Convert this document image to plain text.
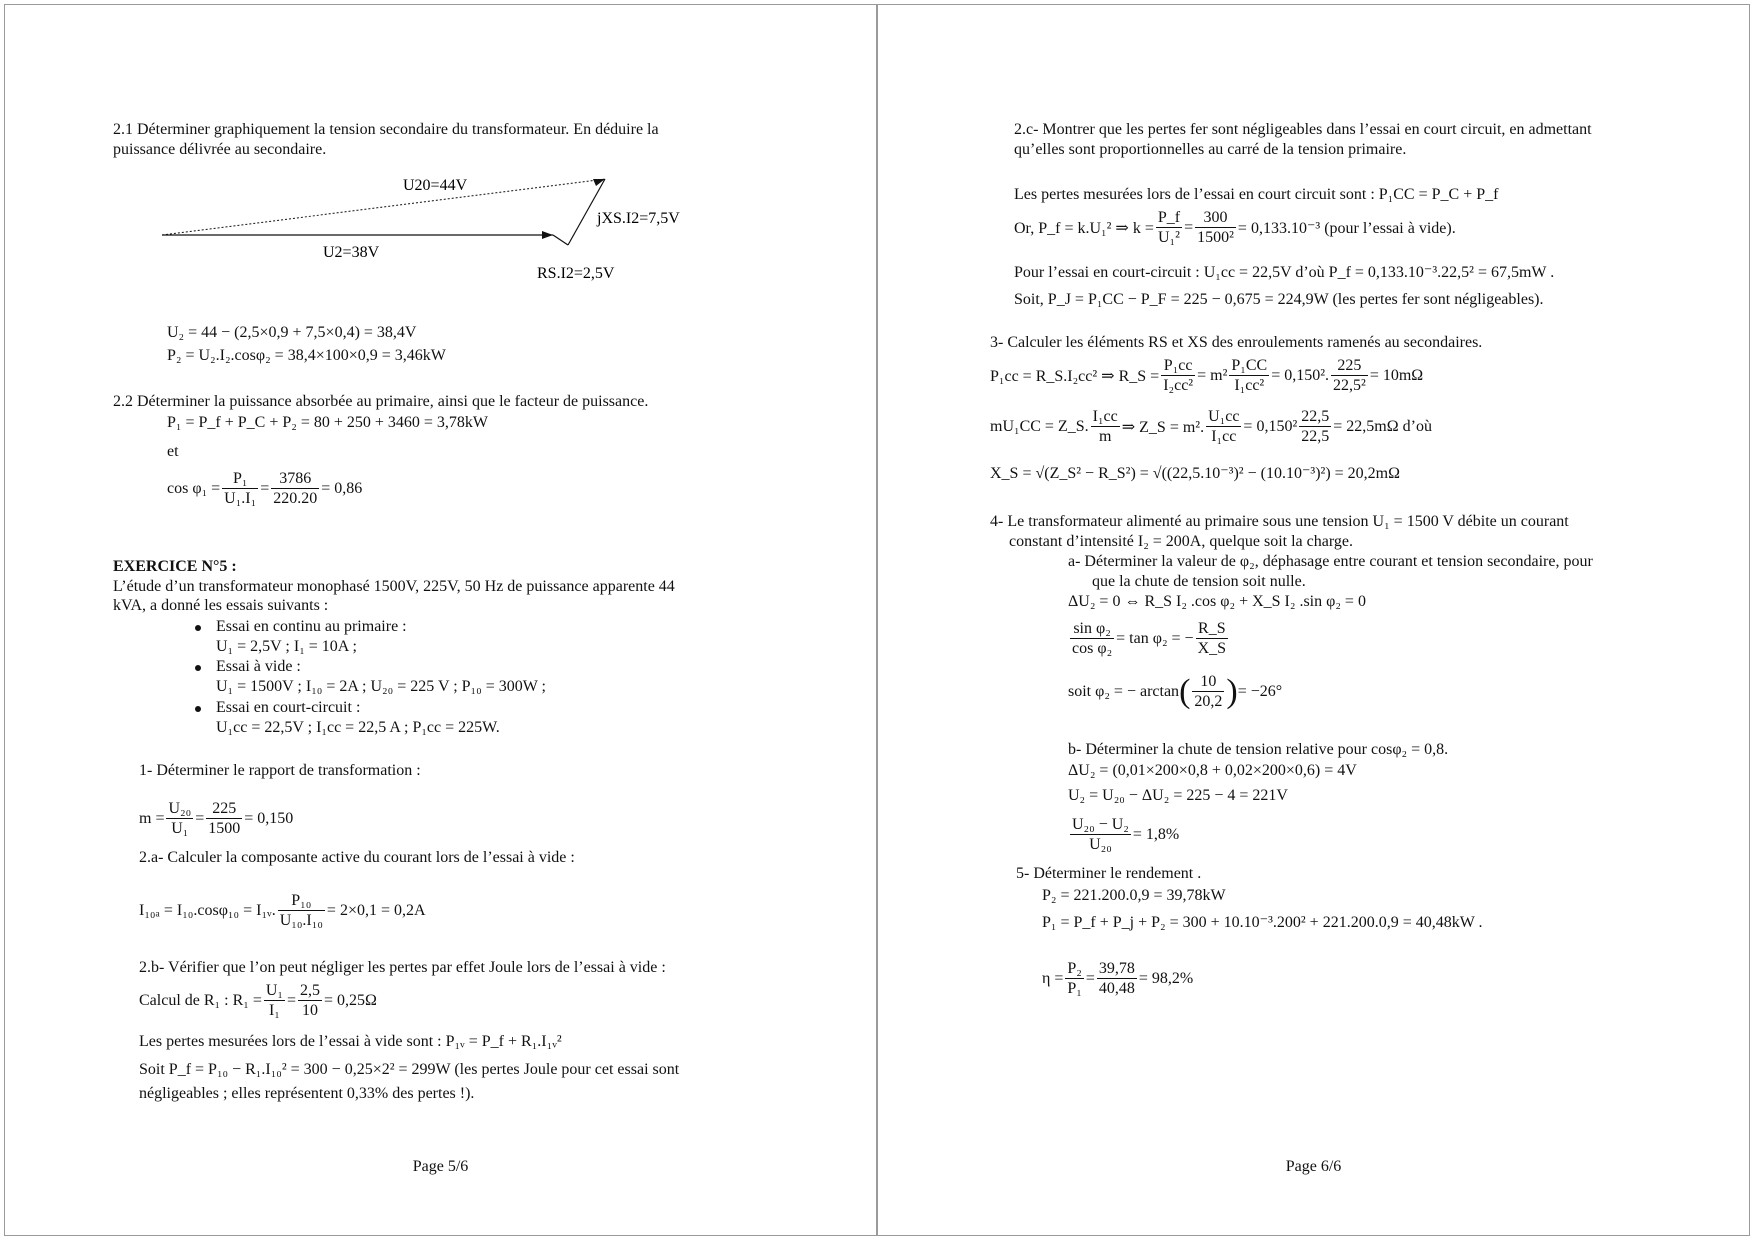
2.1 Déterminer graphiquement la tension secondaire du transformateur. En déduire la
puissance délivrée au secondaire.
U20=44V
U2=38V
jXS.I2=7,5V
RS.I2=2,5V
U₂ = 44 − (2,5×0,9 + 7,5×0,4) = 38,4V
P₂ = U₂.I₂.cosφ₂ = 38,4×100×0,9 = 3,46kW
2.2 Déterminer la puissance absorbée au primaire, ainsi que le facteur de puissance.
P₁ = P_f + P_C + P₂ = 80 + 250 + 3460 = 3,78kW
et
$\cos \varphi_1 = \frac{\text{P₁}}{\text{U₁.I₁}} = \frac{3786}{220.20} = 0,86$
EXERCICE N°5 :
L’étude d’un transformateur monophasé 1500V, 225V, 50 Hz de puissance apparente 44
kVA, a donné les essais suivants :
Essai en continu au primaire :
U₁ = 2,5V ; I₁ = 10A ;
Essai à vide :
U₁ = 1500V ; I₁₀ = 2A ; U₂₀ = 225 V ; P₁₀ = 300W ;
Essai en court-circuit :
U₁cc = 22,5V ; I₁cc = 22,5 A ; P₁cc = 225W.
1- Déterminer le rapport de transformation :
$m = \frac{\text{U₂₀}}{\text{U₁}} = \frac{225}{1500} = 0,150$
2.a- Calculer la composante active du courant lors de l’essai à vide :
I₁₀ₐ = I₁₀.cosφ₁₀ = I₁ᵥ. $\frac{\text{P₁₀}}{\text{U₁₀.I₁₀}} = 2\times 0,1 = 0,2A$
2.b- Vérifier que l’on peut négliger les pertes par effet Joule lors de l’essai à vide :
Calcul de R₁ : $R_1 = \frac{\text{U₁}}{\text{I₁}} = \frac{2,5}{10} = 0,25\Omega$
Les pertes mesurées lors de l’essai à vide sont : P₁ᵥ = P_f + R₁.I₁ᵥ²
Soit P_f = P₁₀ − R₁.I₁₀² = 300 − 0,25×2² = 299W (les pertes Joule pour cet essai sont
négligeables ; elles représentent 0,33% des pertes !).
Page 5/6
2.c- Montrer que les pertes fer sont négligeables dans l’essai en court circuit, en admettant
qu’elles sont proportionnelles au carré de la tension primaire.
Les pertes mesurées lors de l’essai en court circuit sont : P₁CC = P_C + P_f
Or, P_f = k.U₁² ⇒ $k = \frac{P\_f}{\text{U₁²}} = \frac{300}{\text{1500²}} = 0,133.10^{-3}$ (pour l’essai à vide).
Pour l’essai en court-circuit : U₁cc = 22,5V d’où P_f = 0,133.10⁻³.22,5² = 67,5mW .
Soit, P_J = P₁CC − P_F = 225 − 0,675 = 224,9W (les pertes fer sont négligeables).
3- Calculer les éléments RS et XS des enroulements ramenés au secondaires.
P₁cc = R_S.I₂cc² ⇒ R_S = $\frac{\text{P₁cc}}{\text{I₂cc²}} = m^2 \frac{\text{P₁CC}}{\text{I₁cc²}} = 0,150^2$. $\frac{225}{\text{22,5²}} = 10m\Omega$
mU₁CC = Z_S. $\frac{\text{I₁cc}}{m}$ ⇒ Z_S = m². $\frac{\text{U₁cc}}{\text{I₁cc}} = 0,150^2 \frac{22,5}{22,5} = 22,5m\Omega$ d’où
X_S = √(Z_S² − R_S²) = √((22,5.10⁻³)² − (10.10⁻³)²) = 20,2mΩ
4- Le transformateur alimenté au primaire sous une tension U₁ = 1500 V débite un courant
constant d’intensité I₂ = 200A, quelque soit la charge.
a- Déterminer la valeur de φ₂, déphasage entre courant et tension secondaire, pour
que la chute de tension soit nulle.
ΔU₂ = 0 ⇔ R_S I₂ .cos φ₂ + X_S I₂ .sin φ₂ = 0
$\frac{\text{sin φ₂}}{\text{cos φ₂}} = \tan \varphi_2$ = − $\frac{R\_S}{X\_S}$
soit φ₂ = − arctan ( $\frac{10}{20,2}$ ) = −26°
b- Déterminer la chute de tension relative pour cosφ₂ = 0,8.
ΔU₂ = (0,01×200×0,8 + 0,02×200×0,6) = 4V
U₂ = U₂₀ − ΔU₂ = 225 − 4 = 221V
$\frac{\text{U₂₀ − U₂}}{\text{U₂₀}} = 1,8\%$
5- Déterminer le rendement .
P₂ = 221.200.0,9 = 39,78kW
P₁ = P_f + P_j + P₂ = 300 + 10.10⁻³.200² + 221.200.0,9 = 40,48kW .
$\eta = \frac{\text{P₂}}{\text{P₁}} = \frac{39,78}{40,48} = 98,2\%$
Page 6/6
